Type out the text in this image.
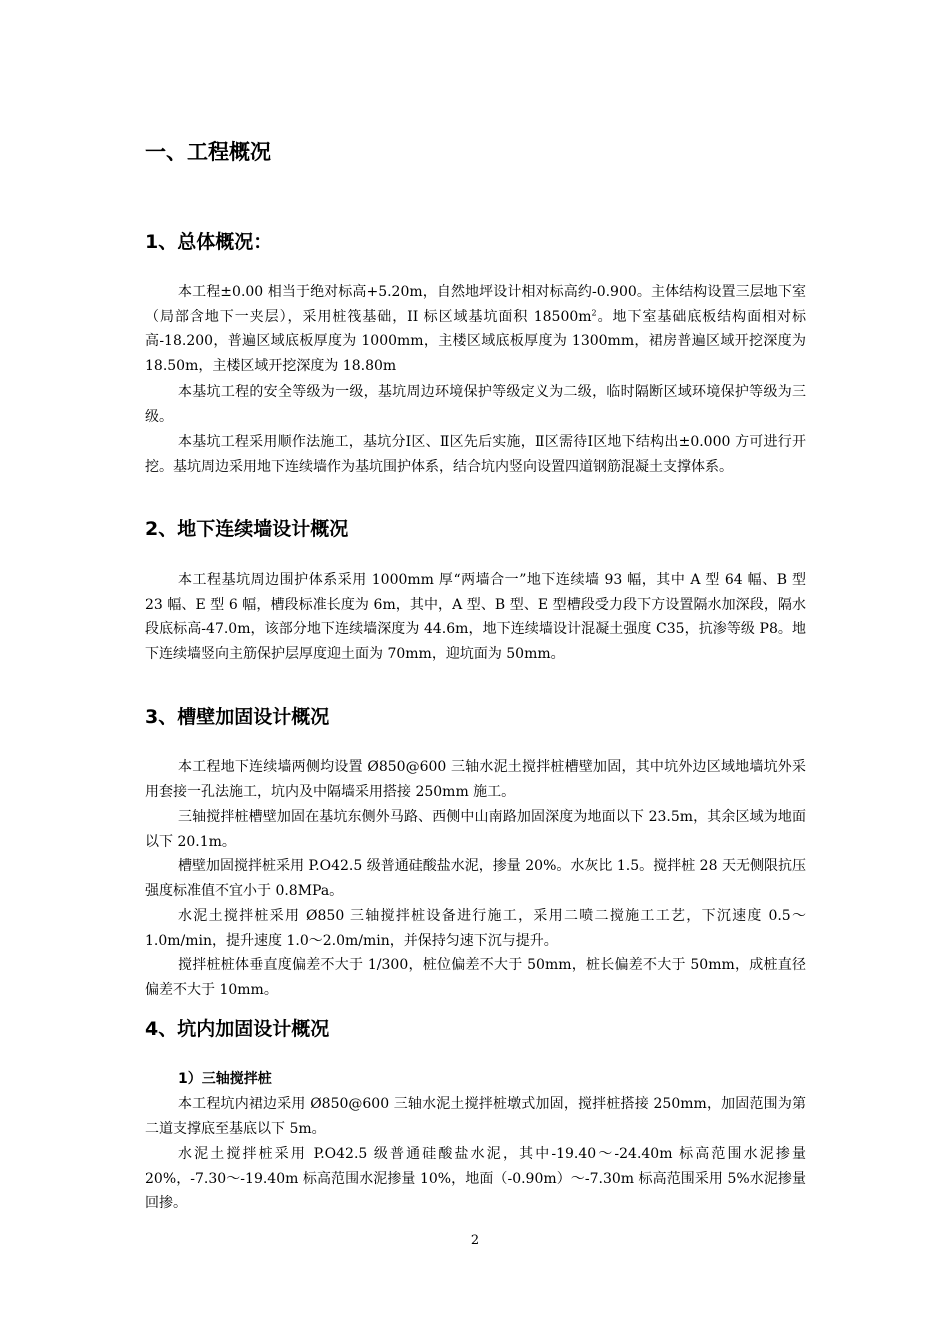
一、工程概况
1、总体概况：

本工程±0.00 相当于绝对标高+5.20m，自然地坪设计相对标高约-0.900。主体结构设置三层地下室（局部含地下一夹层），采用桩筏基础，II 标区域基坑面积 $18500m^2$。地下室基础底板结构面相对标高-18.200，普遍区域底板厚度为 1000mm，主楼区域底板厚度为 1300mm，裙房普遍区域开挖深度为 18.50m，主楼区域开挖深度为 18.80m

本基坑工程的安全等级为一级，基坑周边环境保护等级定义为二级，临时隔断区域环境保护等级为三级。

本基坑工程采用顺作法施工，基坑分Ⅰ区、Ⅱ区先后实施，Ⅱ区需待Ⅰ区地下结构出±0.000 方可进行开挖。基坑周边采用地下连续墙作为基坑围护体系，结合坑内竖向设置四道钢筋混凝土支撑体系。

2、地下连续墙设计概况

本工程基坑周边围护体系采用 1000mm 厚“两墙合一”地下连续墙 93 幅，其中 A 型 64 幅、B 型 23 幅、E 型 6 幅，槽段标准长度为 6m，其中，A 型、B 型、E 型槽段受力段下方设置隔水加深段，隔水段底标高-47.0m，该部分地下连续墙深度为 44.6m，地下连续墙设计混凝土强度 C35，抗渗等级 P8。地下连续墙竖向主筋保护层厚度迎土面为 70mm，迎坑面为 50mm。

3、槽壁加固设计概况

本工程地下连续墙两侧均设置 Ø850@600 三轴水泥土搅拌桩槽壁加固，其中坑外边区域地墙坑外采用套接一孔法施工，坑内及中隔墙采用搭接 250mm 施工。

三轴搅拌桩槽壁加固在基坑东侧外马路、西侧中山南路加固深度为地面以下 23.5m，其余区域为地面以下 20.1m。

槽壁加固搅拌桩采用 P.O42.5 级普通硅酸盐水泥，掺量 20%。水灰比 1.5。搅拌桩 28 天无侧限抗压强度标准值不宜小于 0.8MPa。

水泥土搅拌桩采用 Ø850 三轴搅拌桩设备进行施工，采用二喷二搅施工工艺，下沉速度 0.5～1.0m/min，提升速度 1.0～2.0m/min，并保持匀速下沉与提升。

搅拌桩桩体垂直度偏差不大于 1/300，桩位偏差不大于 50mm，桩长偏差不大于 50mm，成桩直径偏差不大于 10mm。

4、坑内加固设计概况
1）三轴搅拌桩

本工程坑内裙边采用 Ø850@600 三轴水泥土搅拌桩墩式加固，搅拌桩搭接 250mm，加固范围为第二道支撑底至基底以下 5m。

水泥土搅拌桩采用 P.O42.5 级普通硅酸盐水泥，其中-19.40～-24.40m 标高范围水泥掺量 20%，-7.30～-19.40m 标高范围水泥掺量 10%，地面（-0.90m）～-7.30m 标高范围采用 5%水泥掺量回掺。

2
